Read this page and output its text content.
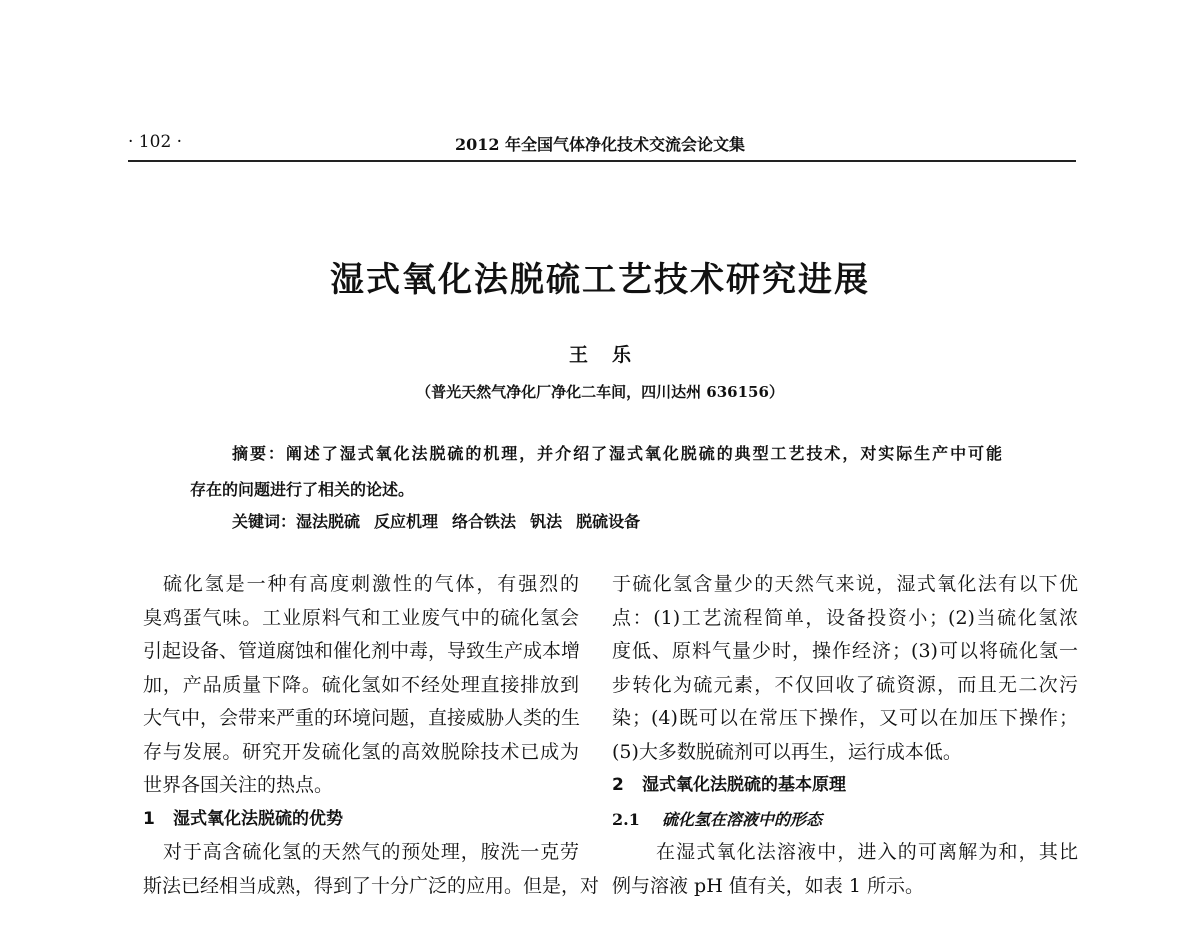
· 102 ·	2012 年全国气体净化技术交流会论文集
湿式氧化法脱硫工艺技术研究进展
王乐
（普光天然气净化厂净化二车间，四川达州 636156）
摘要：阐述了湿式氧化法脱硫的机理，并介绍了湿式氧化脱硫的典型工艺技术，对实际生产中可能
存在的问题进行了相关的论述。
关键词：湿法脱硫 反应机理 络合铁法 钒法 脱硫设备
硫化氢是一种有高度刺激性的气体，有强烈的
臭鸡蛋气味。工业原料气和工业废气中的硫化氢会
引起设备、管道腐蚀和催化剂中毒，导致生产成本增
加，产品质量下降。硫化氢如不经处理直接排放到
大气中，会带来严重的环境问题，直接威胁人类的生
存与发展。研究开发硫化氢的高效脱除技术已成为
世界各国关注的热点。
1 湿式氧化法脱硫的优势
对于高含硫化氢的天然气的预处理，胺洗一克劳
斯法已经相当成熟，得到了十分广泛的应用。但是，对
于硫化氢含量少的天然气来说，湿式氧化法有以下优
点：(1)工艺流程简单，设备投资小；(2)当硫化氢浓
度低、原料气量少时，操作经济；(3)可以将硫化氢一
步转化为硫元素，不仅回收了硫资源，而且无二次污
染；(4)既可以在常压下操作，又可以在加压下操作；
(5)大多数脱硫剂可以再生，运行成本低。
2 湿式氧化法脱硫的基本原理
2.1 硫化氢在溶液中的形态
在湿式氧化法溶液中，进入的可离解为和，其比
例与溶液 pH 值有关，如表 1 所示。
